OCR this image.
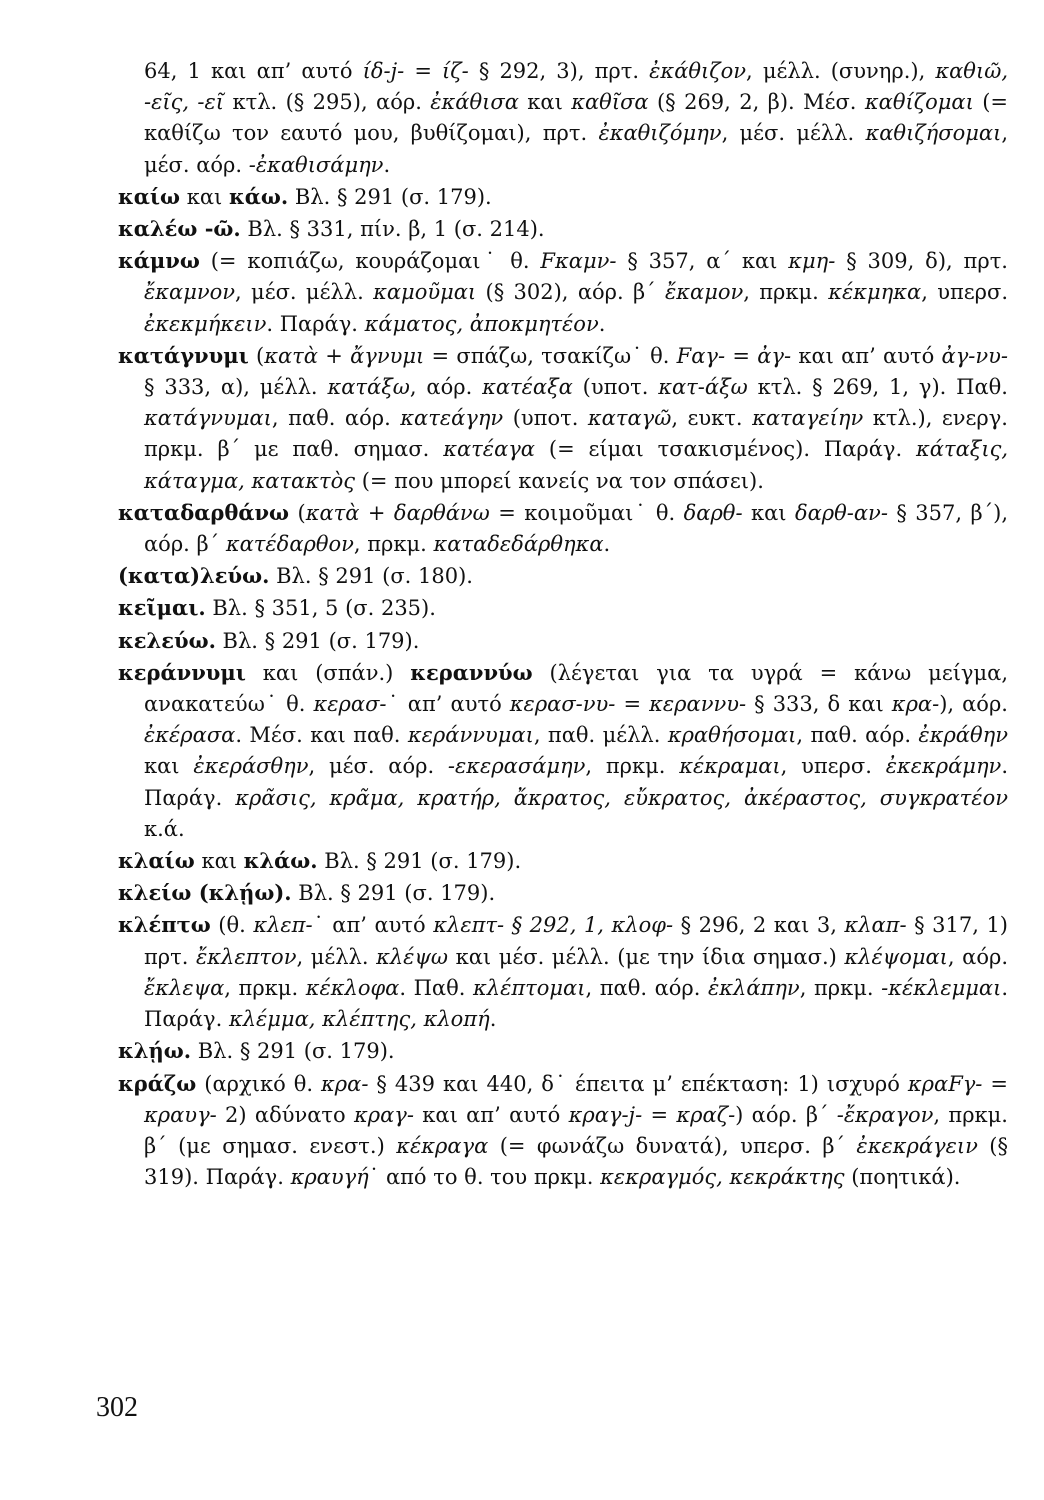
64, 1 και απ’ αυτό ίδ-j- = ίζ- § 292, 3), πρτ. ἐκάθιζον, μέλλ. (συνηρ.), καθιῶ, -εῖς, -εῖ κτλ. (§ 295), αόρ. ἐκάθισα και καθῖσα (§ 269, 2, β). Μέσ. καθίζομαι (= καθίζω τον εαυτό μου, βυθίζομαι), πρτ. ἐκαθιζόμην, μέσ. μέλλ. καθιζήσομαι, μέσ. αόρ. -ἐκαθισάμην.

καίω και κάω. Βλ. § 291 (σ. 179).

καλέω -ῶ. Βλ. § 331, πίν. β, 1 (σ. 214).

κάμνω (= κοπιάζω, κουράζομαι˙ θ. Fκαμν- § 357, α΄ και κμη- § 309, δ), πρτ. ἔκαμνον, μέσ. μέλλ. καμοῦμαι (§ 302), αόρ. β΄ ἔκαμον, πρκμ. κέκμηκα, υπερσ. ἐκεκμήκειν. Παράγ. κάματος, ἀποκμητέον.

κατάγνυμι (κατὰ + ἄγνυμι = σπάζω, τσακίζω˙ θ. Fαγ- = ἀγ- και απ’ αυτό ἀγ-νυ- § 333, α), μέλλ. κατάξω, αόρ. κατέαξα (υποτ. κατ-άξω κτλ. § 269, 1, γ). Παθ. κατάγνυμαι, παθ. αόρ. κατεάγην (υποτ. καταγῶ, ευκτ. καταγείην κτλ.), ενεργ. πρκμ. β΄ με παθ. σημασ. κατέαγα (= είμαι τσακισμένος). Παράγ. κάταξις, κάταγμα, κατακτὸς (= που μπορεί κανείς να τον σπάσει).

καταδαρθάνω (κατὰ + δαρθάνω = κοιμοῦμαι˙ θ. δαρθ- και δαρθ-αν- § 357, β΄), αόρ. β΄ κατέδαρθον, πρκμ. καταδεδάρθηκα.

(κατα)λεύω. Βλ. § 291 (σ. 180).

κεῖμαι. Βλ. § 351, 5 (σ. 235).

κελεύω. Βλ. § 291 (σ. 179).

κεράννυμι και (σπάν.) κεραννύω (λέγεται για τα υγρά = κάνω μείγμα, ανακατεύω˙ θ. κερασ-˙ απ’ αυτό κερασ-νυ- = κεραννυ- § 333, δ και κρα-), αόρ. ἐκέρασα. Μέσ. και παθ. κεράννυμαι, παθ. μέλλ. κραθήσομαι, παθ. αόρ. ἐκράθην και ἐκεράσθην, μέσ. αόρ. -εκερασάμην, πρκμ. κέκραμαι, υπερσ. ἐκεκράμην. Παράγ. κρᾶσις, κρᾶμα, κρατήρ, ἄκρατος, εὔκρατος, ἀκέραστος, συγκρατέον κ.ά.

κλαίω και κλάω. Βλ. § 291 (σ. 179).

κλείω (κλῄω). Βλ. § 291 (σ. 179).

κλέπτω (θ. κλεπ-˙ απ’ αυτό κλεπτ- § 292, 1, κλοφ- § 296, 2 και 3, κλαπ- § 317, 1) πρτ. ἔκλεπτον, μέλλ. κλέψω και μέσ. μέλλ. (με την ίδια σημασ.) κλέψομαι, αόρ. ἔκλεψα, πρκμ. κέκλοφα. Παθ. κλέπτομαι, παθ. αόρ. ἐκλάπην, πρκμ. -κέκλεμμαι. Παράγ. κλέμμα, κλέπτης, κλοπή.

κλῄω. Βλ. § 291 (σ. 179).

κράζω (αρχικό θ. κρα- § 439 και 440, δ˙ έπειτα μ’ επέκταση: 1) ισχυρό κραFγ- = κραυγ- 2) αδύνατο κραγ- και απ’ αυτό κραγ-j- = κραζ-) αόρ. β΄ -ἔκραγον, πρκμ. β΄ (με σημασ. ενεστ.) κέκραγα (= φωνάζω δυνατά), υπερσ. β΄ ἐκεκράγειν (§ 319). Παράγ. κραυγή˙ από το θ. του πρκμ. κεκραγμός, κεκράκτης (ποητικά).

302
